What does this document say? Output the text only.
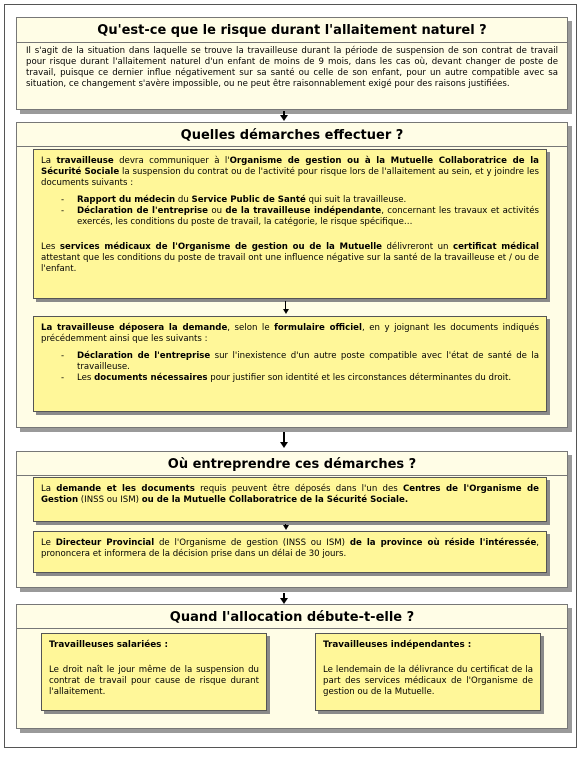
Qu'est-ce que le risque durant l'allaitement naturel ?
Il s'agit de la situation dans laquelle se trouve la travailleuse durant la période de suspension de son contrat de travail pour risque durant l'allaitement naturel d'un enfant de moins de 9 mois, dans les cas où, devant changer de poste de travail, puisque ce dernier influe négativement sur sa santé ou celle de son enfant, pour un autre compatible avec sa situation, ce changement s'avère impossible, ou ne peut être raisonnablement exigé pour des raisons justifiées.
Quelles démarches effectuer ?

La travailleuse devra communiquer à l'Organisme de gestion ou à la Mutuelle Collaboratrice de la Sécurité Sociale la suspension du contrat ou de l'activité pour risque lors de l'allaitement au sein, et y joindre les documents suivants :

- Rapport du médecin du Service Public de Santé qui suit la travailleuse.
- Déclaration de l'entreprise ou de la travailleuse indépendante, concernant les travaux et activités exercés, les conditions du poste de travail, la catégorie, le risque spécifique…

Les services médicaux de l'Organisme de gestion ou de la Mutuelle délivreront un certificat médical attestant que les conditions du poste de travail ont une influence négative sur la santé de la travailleuse et / ou de l'enfant.

La travailleuse déposera la demande, selon le formulaire officiel, en y joignant les documents indiqués précédemment ainsi que les suivants :

- Déclaration de l'entreprise sur l'inexistence d'un autre poste compatible avec l'état de santé de la travailleuse.
- Les documents nécessaires pour justifier son identité et les circonstances déterminantes du droit.
Où entreprendre ces démarches ?

La demande et les documents requis peuvent être déposés dans l'un des Centres de l'Organisme de Gestion (INSS ou ISM) ou de la Mutuelle Collaboratrice de la Sécurité Sociale.

Le Directeur Provincial de l'Organisme de gestion (INSS ou ISM) de la province où réside l'intéressée, prononcera et informera de la décision prise dans un délai de 30 jours.

Quand l'allocation débute-t-elle ?

Travailleuses salariées :

Le droit naît le jour même de la suspension du contrat de travail pour cause de risque durant l'allaitement.

Travailleuses indépendantes :

Le lendemain de la délivrance du certificat de la part des services médicaux de l'Organisme de gestion ou de la Mutuelle.
